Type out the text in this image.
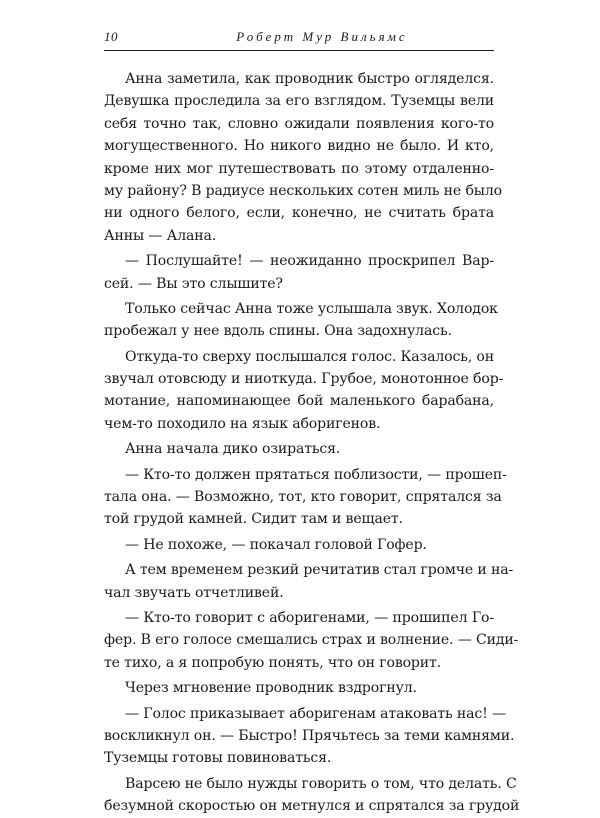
10	Роберт Мур Вильямс
Анна заметила, как проводник быстро огляделся.
Девушка проследила за его взглядом. Туземцы вели
себя точно так, словно ожидали появления кого-то
могущественного. Но никого видно не было. И кто,
кроме них мог путешествовать по этому отдаленно-
му району? В радиусе нескольких сотен миль не было
ни одного белого, если, конечно, не считать брата
Анны — Алана.
— Послушайте! — неожиданно проскрипел Вар-
сей. — Вы это слышите?
Только сейчас Анна тоже услышала звук. Холодок
пробежал у нее вдоль спины. Она задохнулась.
Откуда-то сверху послышался голос. Казалось, он
звучал отовсюду и ниоткуда. Грубое, монотонное бор-
мотание, напоминающее бой маленького барабана,
чем-то походило на язык аборигенов.
Анна начала дико озираться.
— Кто-то должен прятаться поблизости, — прошеп-
тала она. — Возможно, тот, кто говорит, спрятался за
той грудой камней. Сидит там и вещает.
— Не похоже, — покачал головой Гофер.
А тем временем резкий речитатив стал громче и на-
чал звучать отчетливей.
— Кто-то говорит с аборигенами, — прошипел Го-
фер. В его голосе смешались страх и волнение. — Сиди-
те тихо, а я попробую понять, что он говорит.
Через мгновение проводник вздрогнул.
— Голос приказывает аборигенам атаковать нас! —
воскликнул он. — Быстро! Прячьтесь за теми камнями.
Туземцы готовы повиноваться.
Варсею не было нужды говорить о том, что делать. С
безумной скоростью он метнулся и спрятался за грудой
